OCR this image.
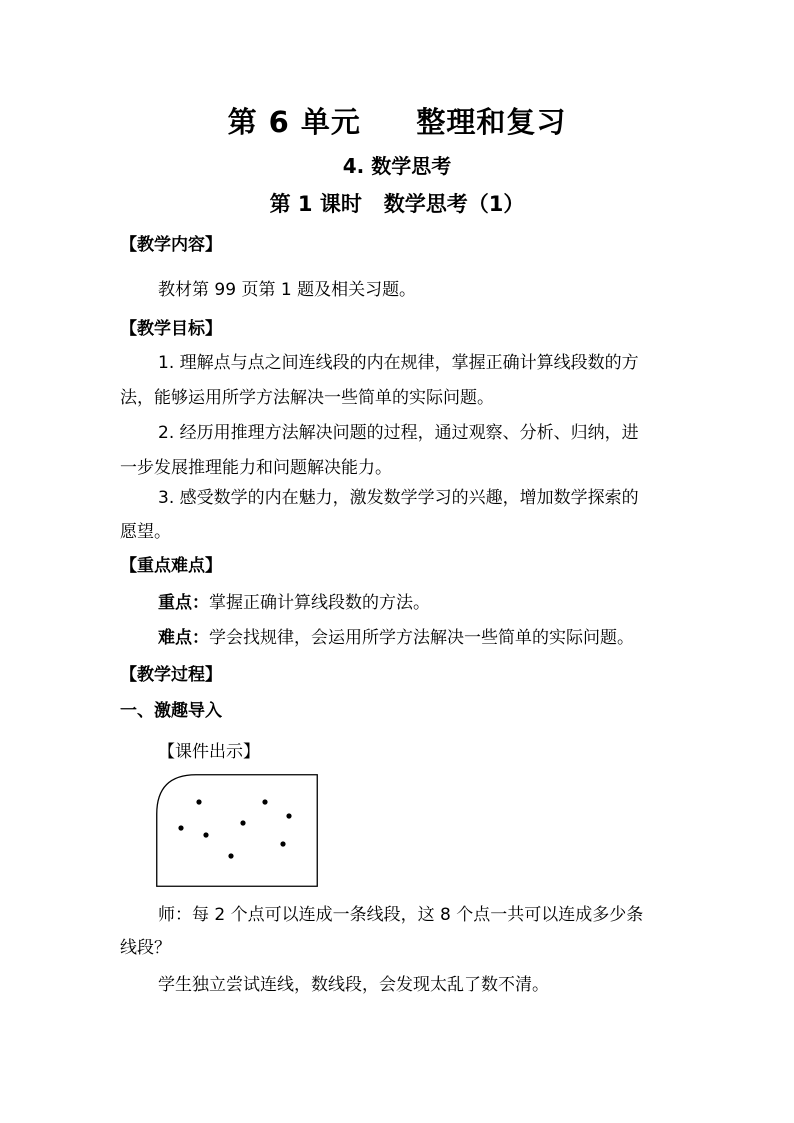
第 6 单元     整理和复习
4. 数学思考
第 1 课时   数学思考（1）
【教学内容】
教材第 99 页第 1 题及相关习题。
【教学目标】
1. 理解点与点之间连线段的内在规律，掌握正确计算线段数的方
法，能够运用所学方法解决一些简单的实际问题。
2. 经历用推理方法解决问题的过程，通过观察、分析、归纳，进
一步发展推理能力和问题解决能力。
3. 感受数学的内在魅力，激发数学学习的兴趣，增加数学探索的
愿望。
【重点难点】
重点：掌握正确计算线段数的方法。
难点：学会找规律，会运用所学方法解决一些简单的实际问题。
【教学过程】
一、激趣导入
【课件出示】
师：每 2 个点可以连成一条线段，这 8 个点一共可以连成多少条
线段？
学生独立尝试连线，数线段，会发现太乱了数不清。
